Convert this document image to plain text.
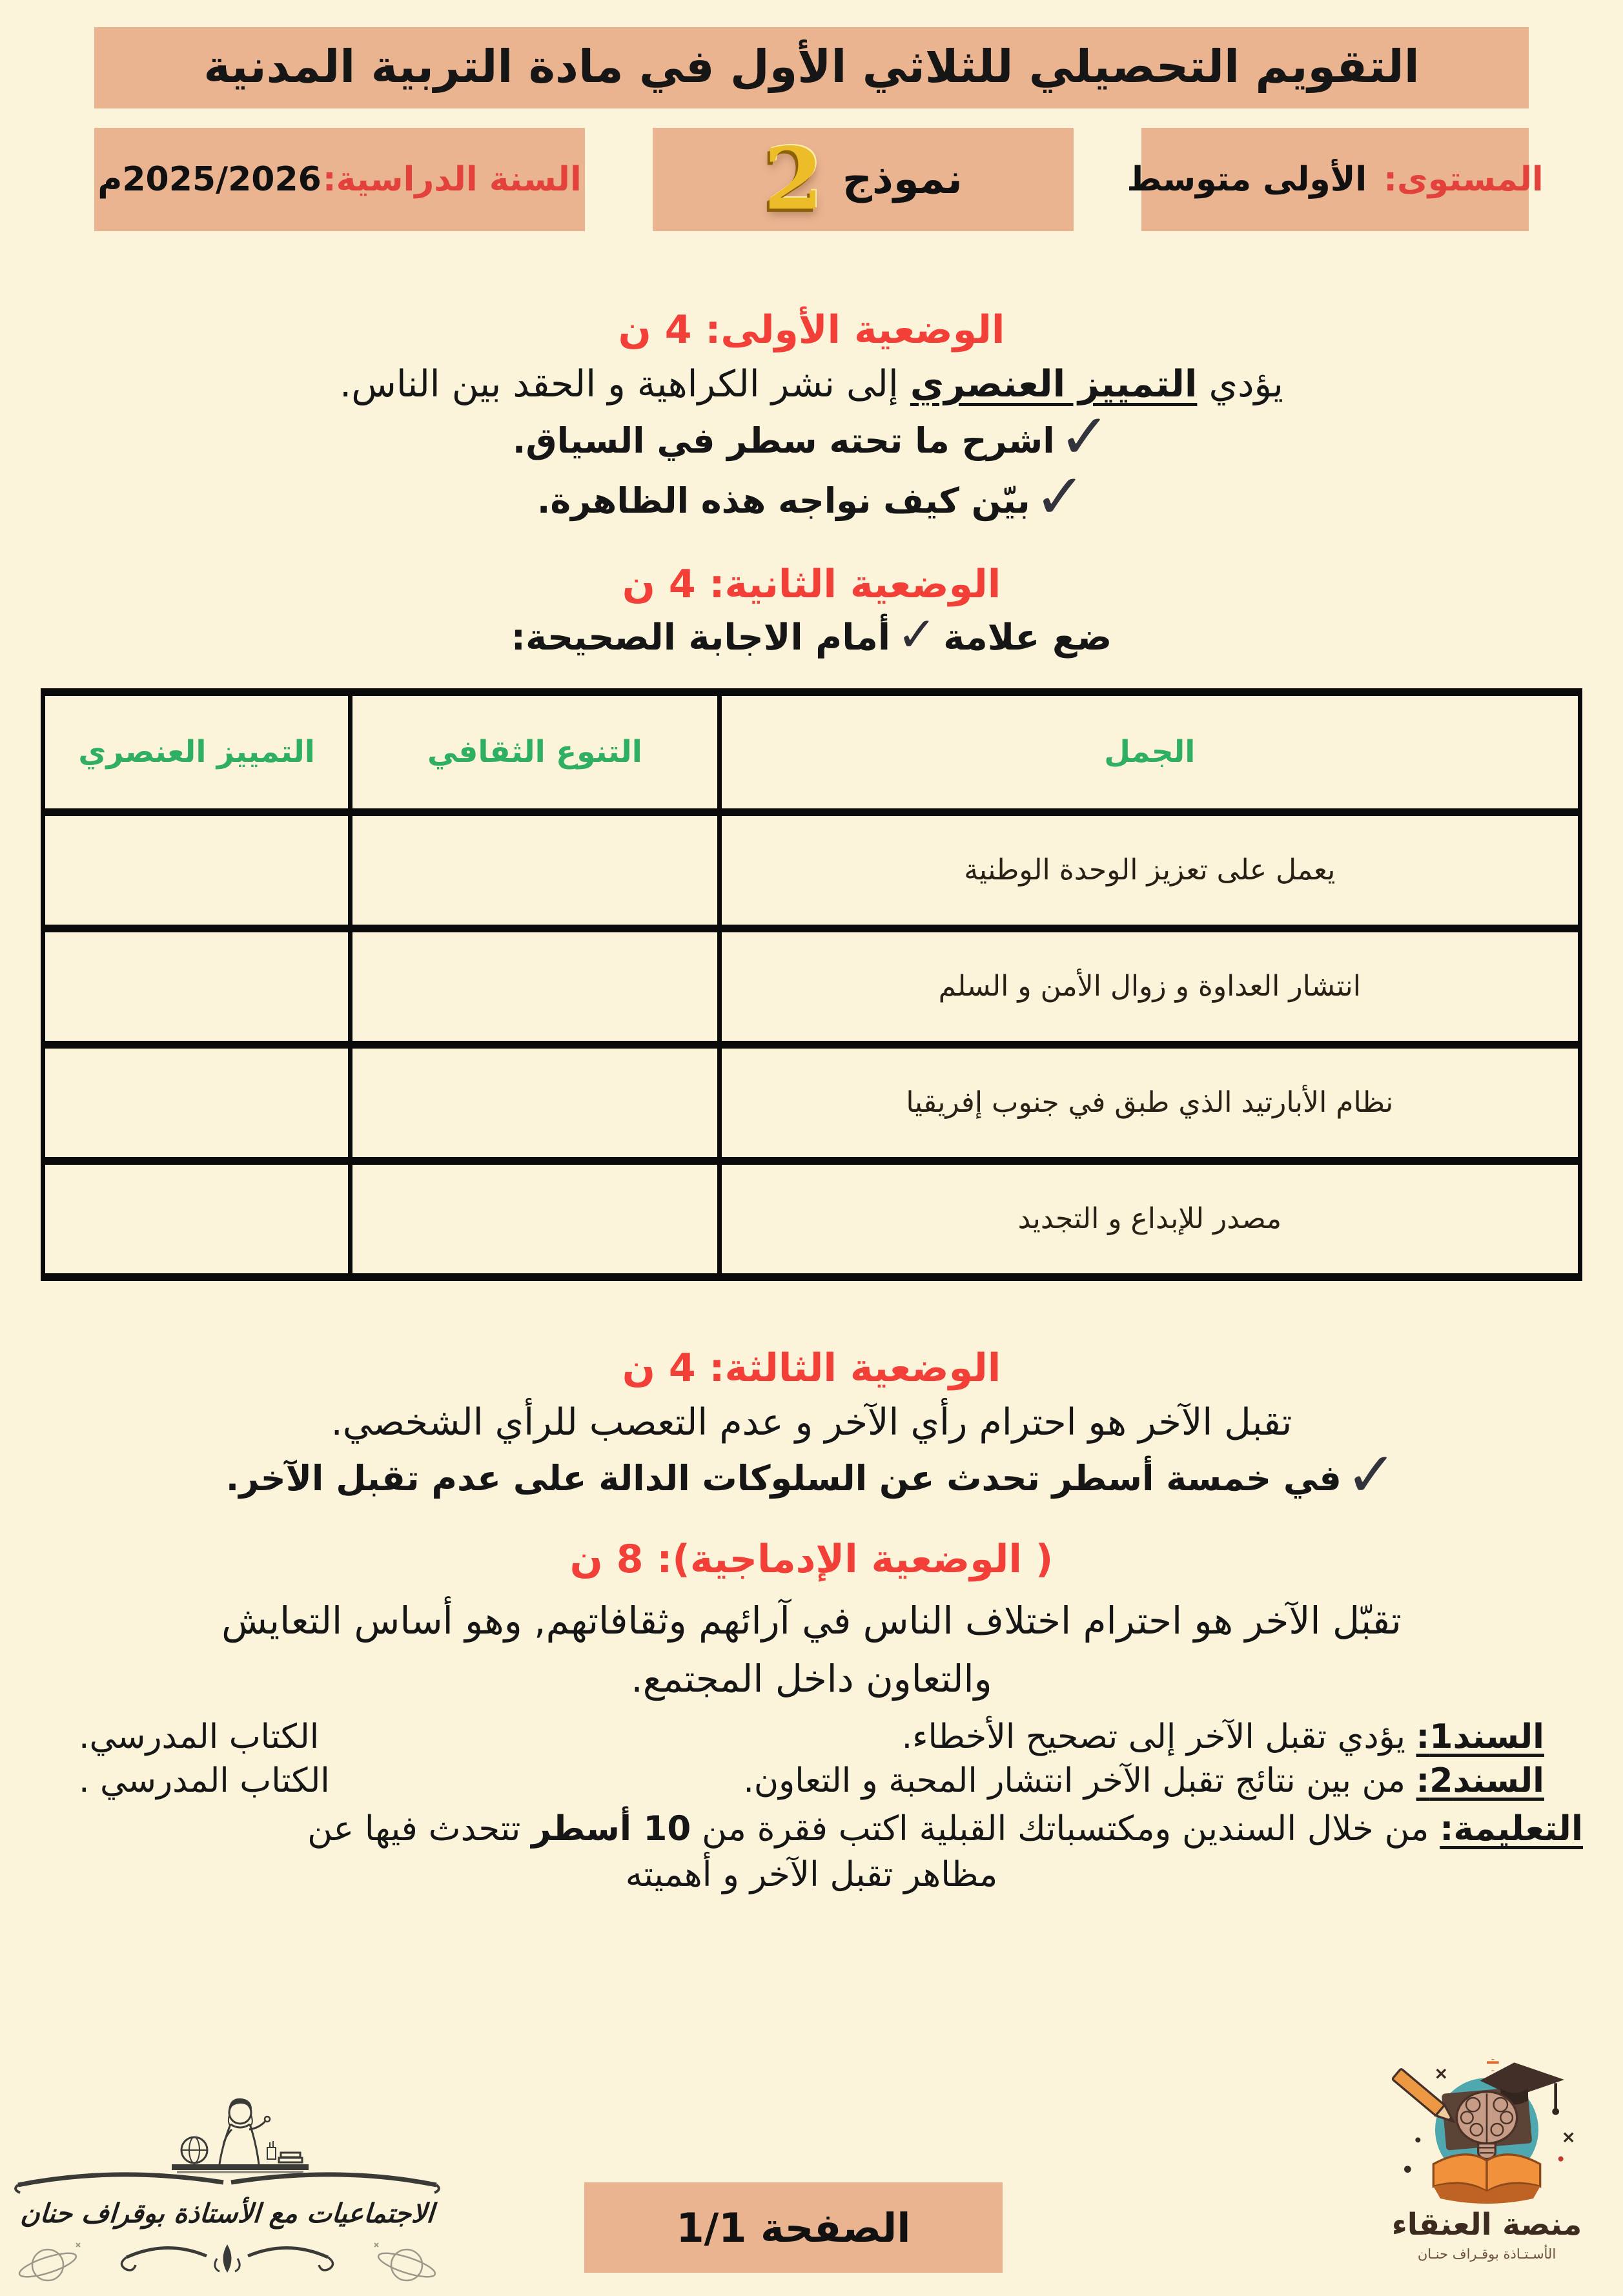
التقويم التحصيلي للثلاثي الأول في مادة التربية المدنية
المستوى:
الأولى متوسط
نموذج
2
السنة الدراسية:
2025/2026م
الوضعية الأولى: 4 ن
يؤدي التمييز العنصري إلى نشر الكراهية و الحقد بين الناس.
✓
اشرح ما تحته سطر في السياق.
✓
بيّن كيف نواجه هذه الظاهرة.
الوضعية الثانية: 4 ن
ضع علامة✓أمام الاجابة الصحيحة:
الجمل	التنوع الثقافي	التمييز العنصري
يعمل على تعزيز الوحدة الوطنية		
انتشار العداوة و زوال الأمن و السلم		
نظام الأبارتيد الذي طبق في جنوب إفريقيا		
مصدر للإبداع و التجديد		
الوضعية الثالثة: 4 ن
تقبل الآخر هو احترام رأي الآخر و عدم التعصب للرأي الشخصي.
✓
في خمسة أسطر تحدث عن السلوكات الدالة على عدم تقبل الآخر.
( الوضعية الإدماجية): 8 ن
تقبّل الآخر هو احترام اختلاف الناس في آرائهم وثقافاتهم, وهو أساس التعايش
والتعاون داخل المجتمع.
السند1: يؤدي تقبل الآخر إلى تصحيح الأخطاء.
الكتاب المدرسي.
السند2: من بين نتائج تقبل الآخر انتشار المحبة و التعاون.
الكتاب المدرسي .
التعليمة: من خلال السندين ومكتسباتك القبلية اكتب فقرة من 10 أسطر تتحدث فيها عن
مظاهر تقبل الآخر و أهميته
الصفحة 1/1
الاجتماعيات مع الأستاذة بوقراف حنان	منصة العنقاء
الأسـتـاذة بوقـراف حنـان
